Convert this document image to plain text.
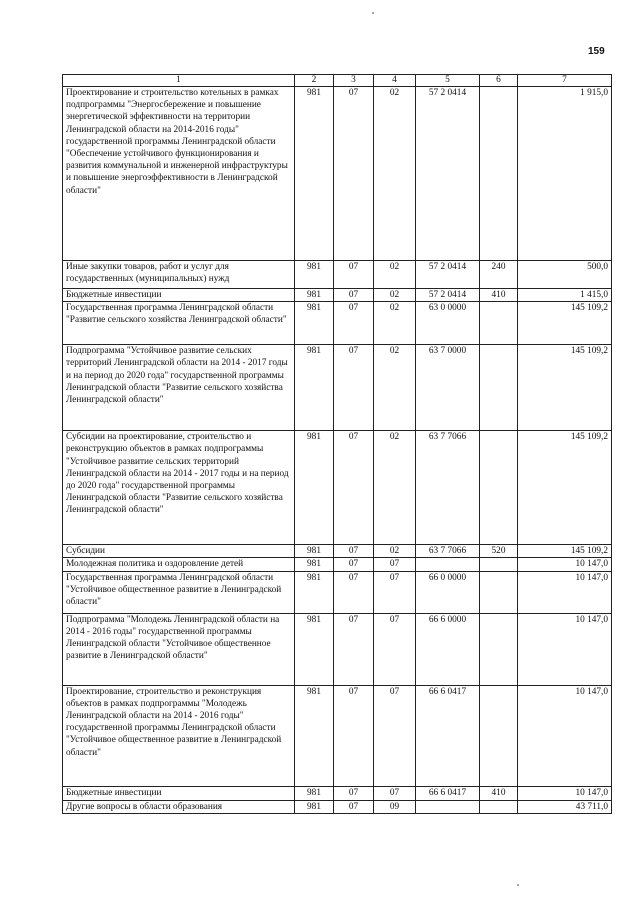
159
1	2	3	4	5	6	7
Проектирование и строительство котельных в рамках подпрограммы "Энергосбережение и повышение энергетической эффективности на территории Ленинградской области на 2014-2016 годы" государственной программы Ленинградской области "Обеспечение устойчивого функционирования и развития коммунальной и инженерной инфраструктуры и повышение энергоэффективности в Ленинградской области"	981	07	02	57 2 0414		1 915,0
Иные закупки товаров, работ и услуг для государственных (муниципальных) нужд	981	07	02	57 2 0414	240	500,0
Бюджетные инвестиции	981	07	02	57 2 0414	410	1 415,0
Государственная программа Ленинградской области "Развитие сельского хозяйства Ленинградской области"	981	07	02	63 0 0000		145 109,2
Подпрограмма "Устойчивое развитие сельских территорий Ленинградской области на 2014 - 2017 годы и на период до 2020 года" государственной программы Ленинградской области "Развитие сельского хозяйства Ленинградской области"	981	07	02	63 7 0000		145 109,2
Субсидии на проектирование, строительство и реконструкцию объектов в рамках подпрограммы "Устойчивое развитие сельских территорий Ленинградской области на 2014 - 2017 годы и на период до 2020 года" государственной программы Ленинградской области "Развитие сельского хозяйства Ленинградской области"	981	07	02	63 7 7066		145 109,2
Субсидии	981	07	02	63 7 7066	520	145 109,2
Молодежная политика и оздоровление детей	981	07	07			10 147,0
Государственная программа Ленинградской области "Устойчивое общественное развитие в Ленинградской области"	981	07	07	66 0 0000		10 147,0
Подпрограмма "Молодежь Ленинградской области на 2014 - 2016 годы" государственной программы Ленинградской области "Устойчивое общественное развитие в Ленинградской области"	981	07	07	66 6 0000		10 147,0
Проектирование, строительство и реконструкция объектов в рамках подпрограммы "Молодежь Ленинградской области на 2014 - 2016 годы" государственной программы Ленинградской области "Устойчивое общественное развитие в Ленинградской области"	981	07	07	66 6 0417		10 147,0
Бюджетные инвестиции	981	07	07	66 6 0417	410	10 147,0
Другие вопросы в области образования	981	07	09			43 711,0
